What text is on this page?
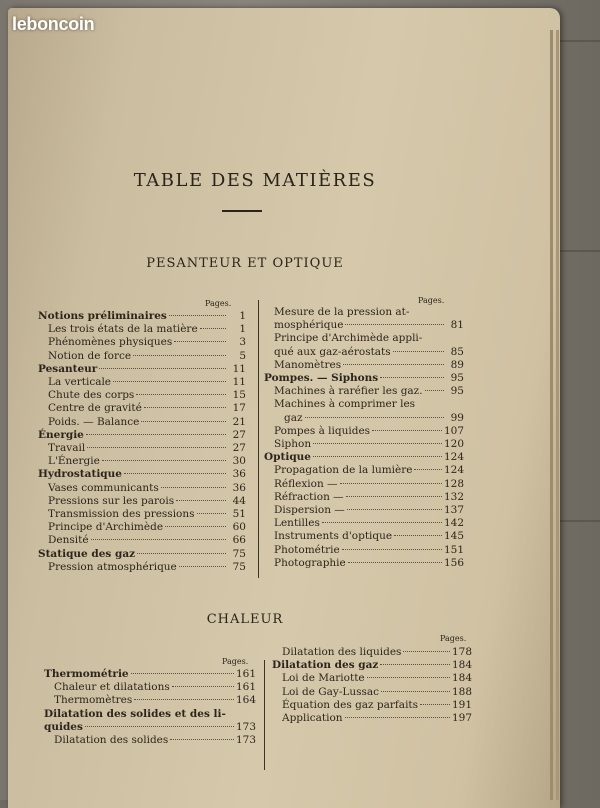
leboncoin
TABLE DES MATIÈRES
PESANTEUR ET OPTIQUE
Pages.	Pages.
Notions préliminaires	1
Les trois états de la matière	1
Phénomènes physiques	3
Notion de force	5
Pesanteur	11
La verticale	11
Chute des corps	15
Centre de gravité	17
Poids. — Balance	21
Énergie	27
Travail	27
L'Énergie	30
Hydrostatique	36
Vases communicants	36
Pressions sur les parois	44
Transmission des pressions	51
Principe d'Archimède	60
Densité	66
Statique des gaz	75
Pression atmosphérique	75
Mesure de la pression at-
mosphérique	81
Principe d'Archimède appli-
qué aux gaz-aérostats	85
Manomètres	89
Pompes. — Siphons	95
Machines à raréfier les gaz.	95
Machines à comprimer les
gaz	99
Pompes à liquides	107
Siphon	120
Optique	124
Propagation de la lumière	124
Réflexion —	128
Réfraction —	132
Dispersion —	137
Lentilles	142
Instruments d'optique	145
Photométrie	151
Photographie	156
CHALEUR
Pages.
Pages.
Thermométrie	161
Chaleur et dilatations	161
Thermomètres	164
Dilatation des solides et des li-
quides	173
Dilatation des solides	173
Dilatation des liquides	178
Dilatation des gaz	184
Loi de Mariotte	184
Loi de Gay-Lussac	188
Équation des gaz parfaits	191
Application	197
